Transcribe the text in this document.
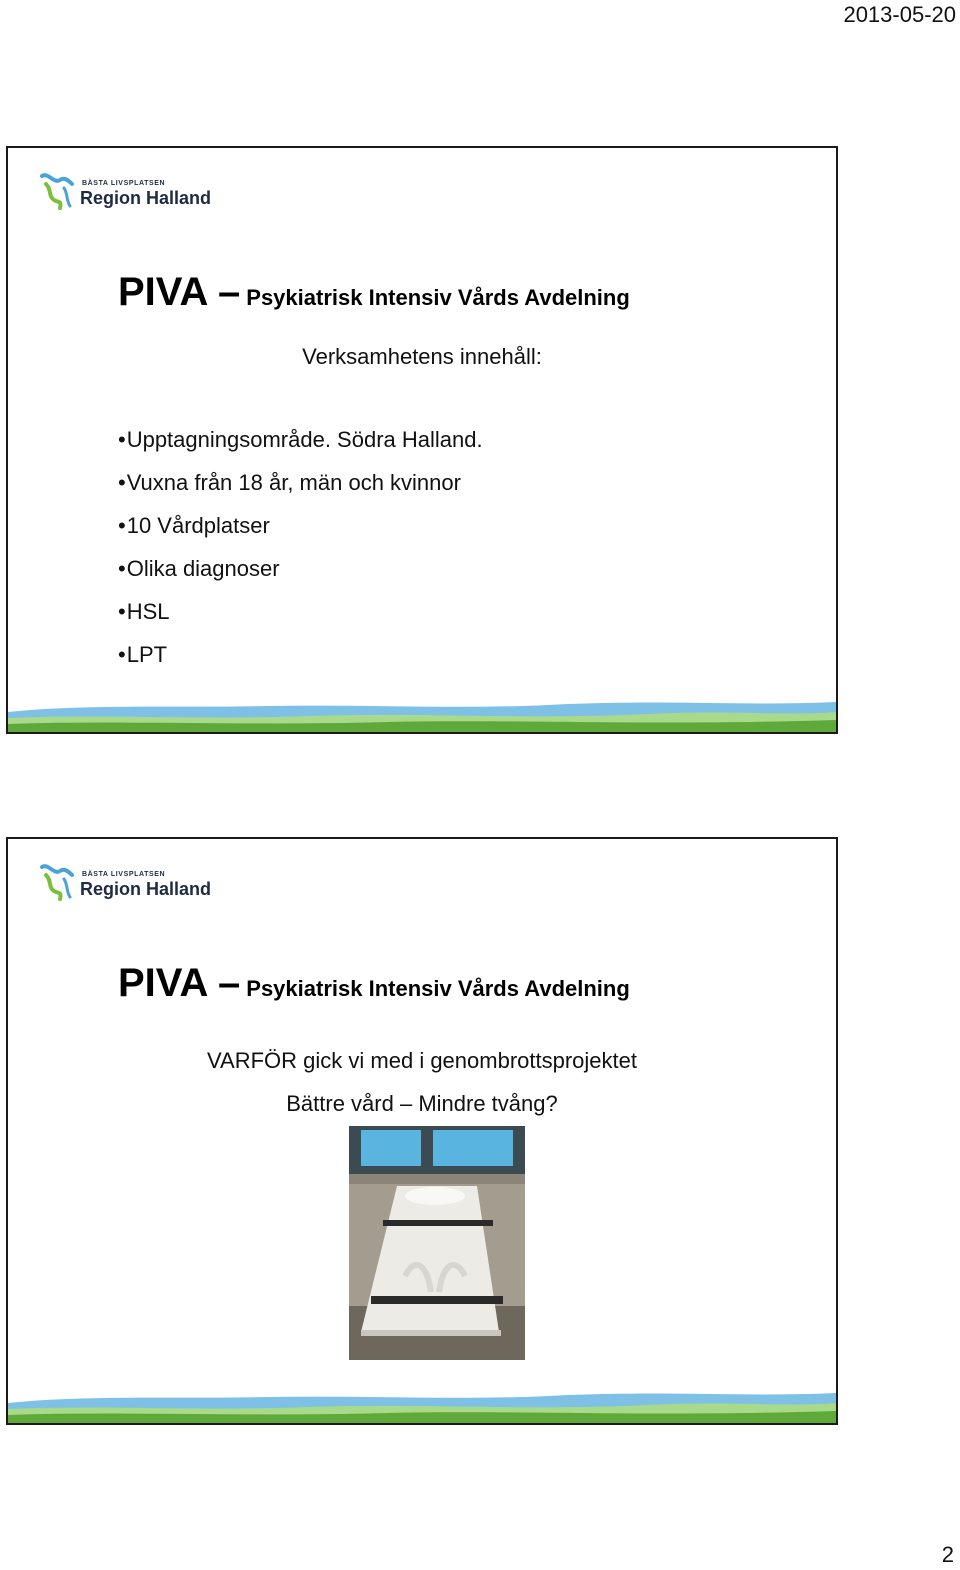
2013-05-20
BÄSTA LIVSPLATSEN
Region Halland
PIVA – Psykiatrisk Intensiv Vårds Avdelning
Verksamhetens innehåll:
• Upptagningsområde. Södra Halland.
• Vuxna från 18 år, män och kvinnor
• 10 Vårdplatser
• Olika diagnoser
• HSL
• LPT
BÄSTA LIVSPLATSEN
Region Halland
PIVA – Psykiatrisk Intensiv Vårds Avdelning
VARFÖR gick vi med i genombrottsprojektet
Bättre vård – Mindre tvång?
2
